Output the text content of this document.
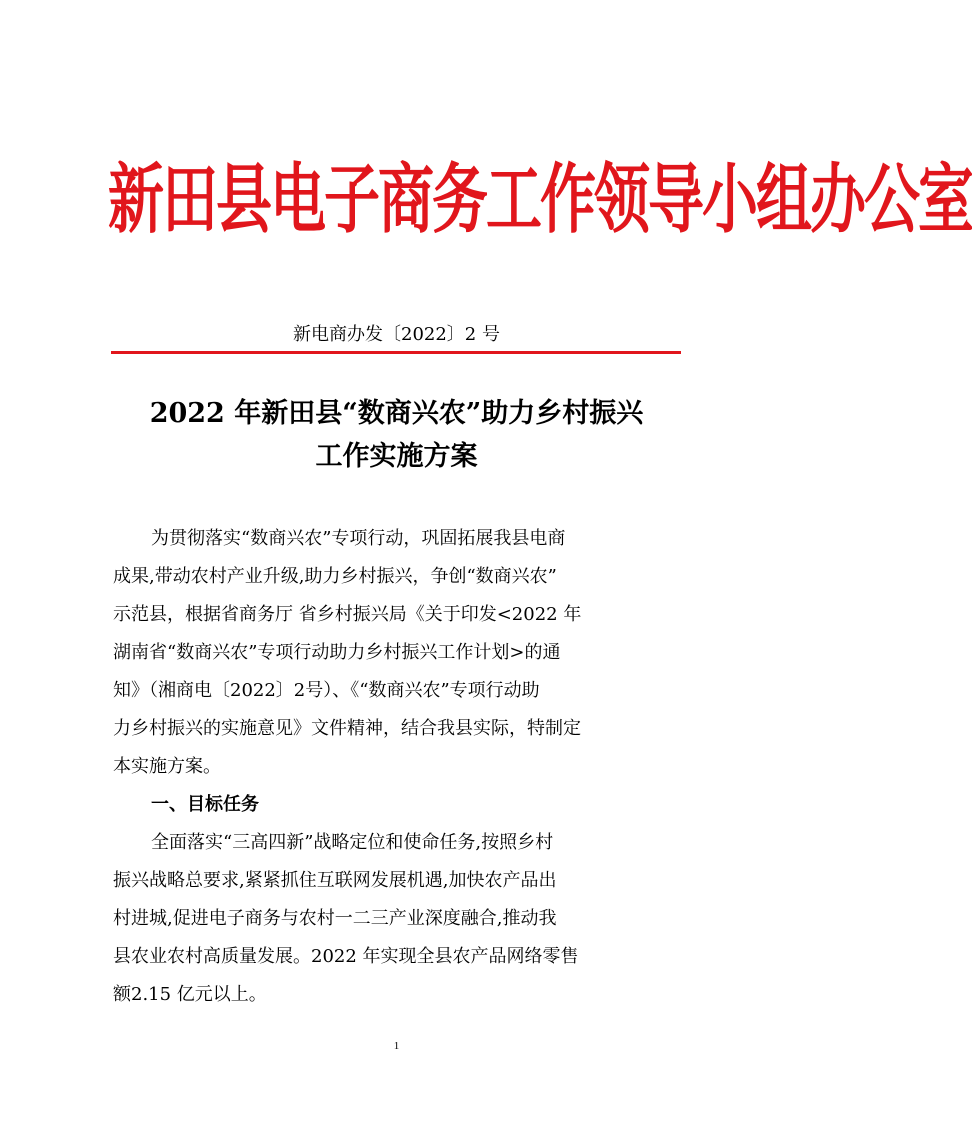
新田县电子商务工作领导小组办公室
新电商办发〔2022〕2 号
2022 年新田县“数商兴农”助力乡村振兴
工作实施方案
为贯彻落实“数商兴农”专项行动，巩固拓展我县电商
成果,带动农村产业升级,助力乡村振兴，争创“数商兴农”
示范县，根据省商务厅 省乡村振兴局《关于印发<2022 年
湖南省“数商兴农”专项行动助力乡村振兴工作计划>的通
知》（湘商电〔2022〕2号）、《“数商兴农”专项行动助
力乡村振兴的实施意见》文件精神，结合我县实际，特制定
本实施方案。
一、目标任务
全面落实“三高四新”战略定位和使命任务,按照乡村
振兴战略总要求,紧紧抓住互联网发展机遇,加快农产品出
村进城,促进电子商务与农村一二三产业深度融合,推动我
县农业农村高质量发展。2022 年实现全县农产品网络零售
额2.15 亿元以上。
1
